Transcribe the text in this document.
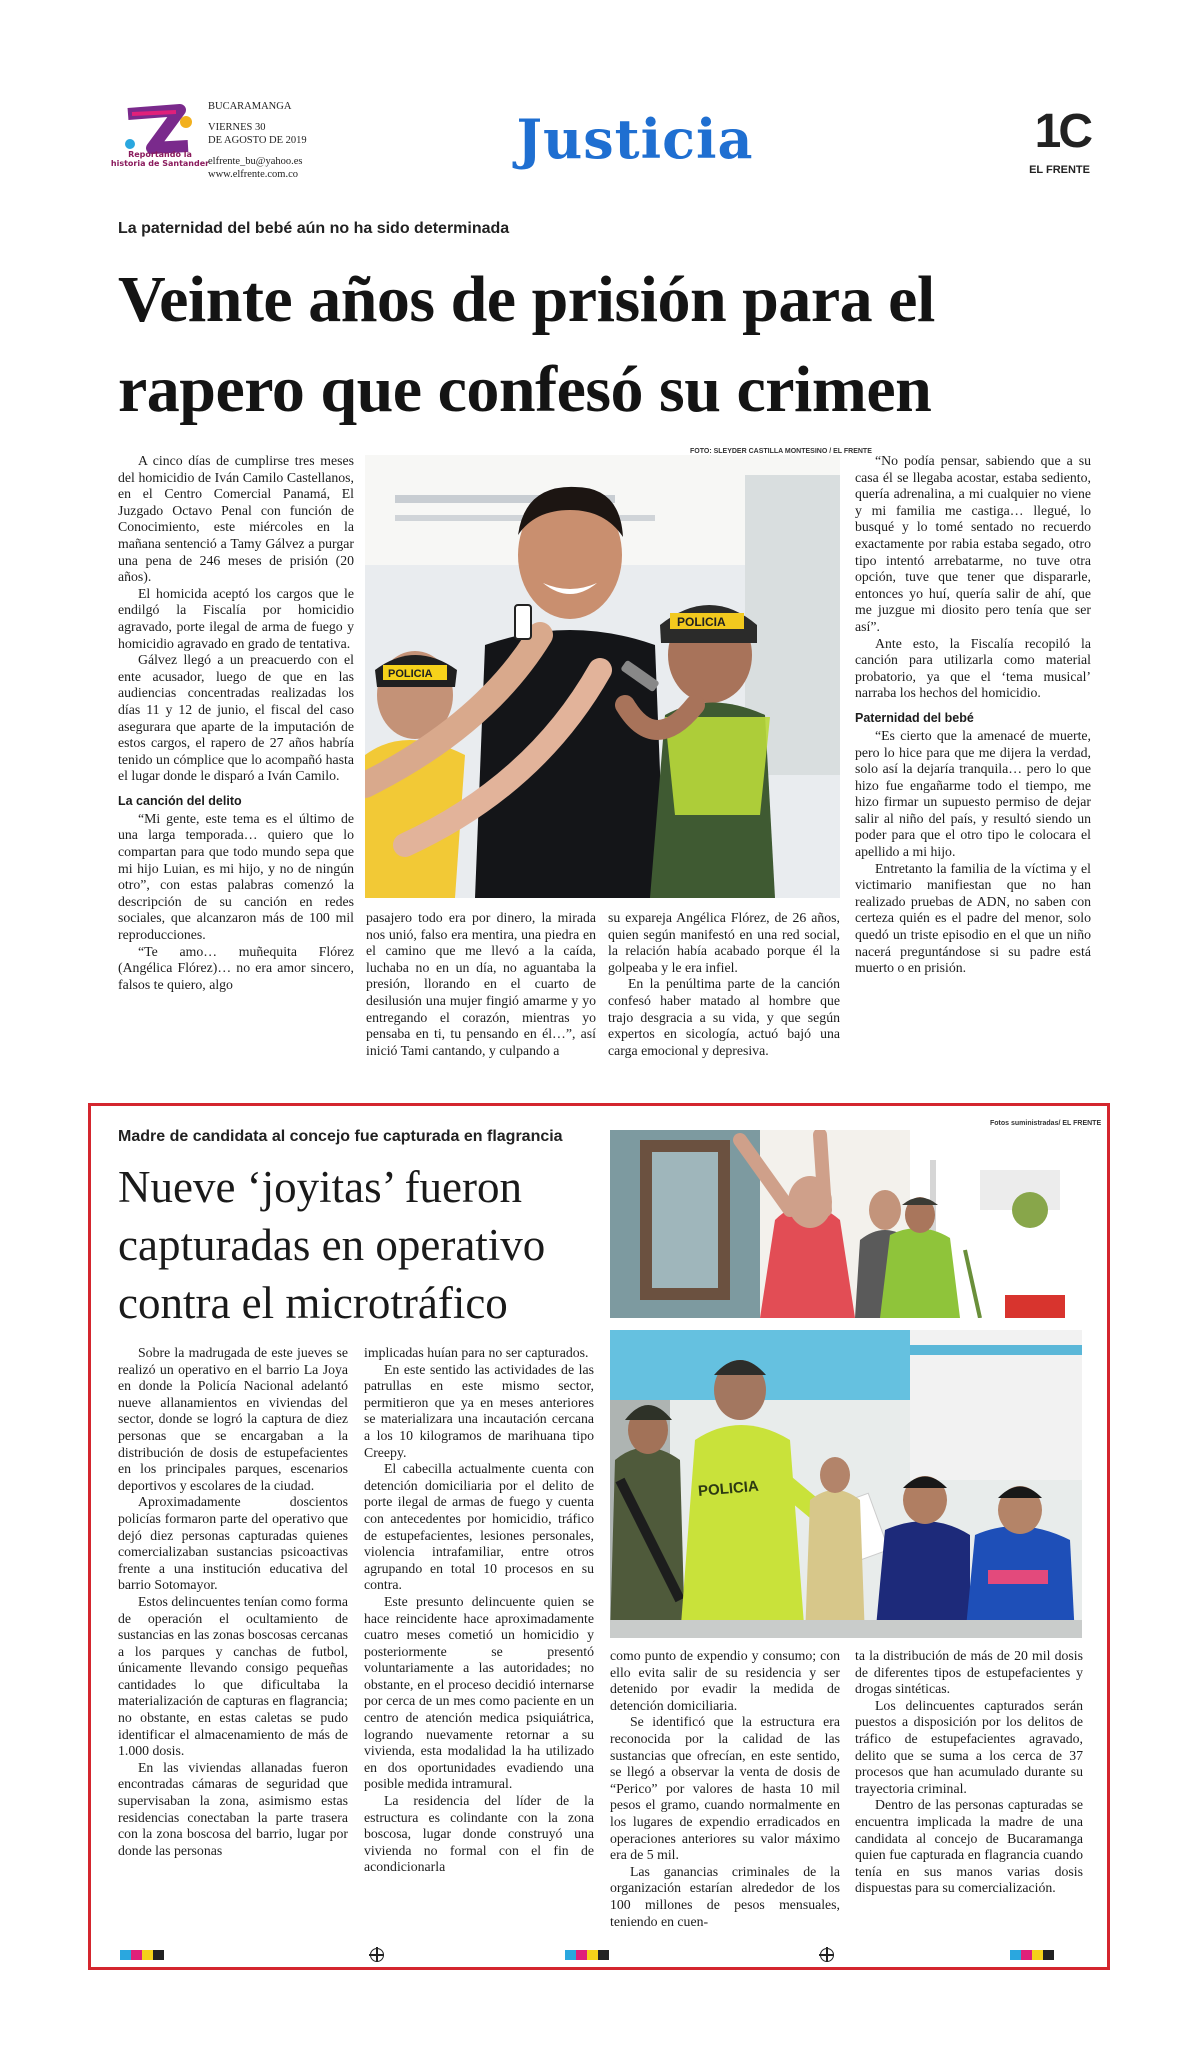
Reportando la historia de Santander
BUCARAMANGA
VIERNES 30
DE AGOSTO DE 2019
elfrente_bu@yahoo.es
www.elfrente.com.co
Justicia	1C
EL FRENTE
La paternidad del bebé aún no ha sido determinada
Veinte años de prisión para el
rapero que confesó su crimen
FOTO: SLEYDER CASTILLA MONTESINO / EL FRENTE
POLICIA
POLICIA

A cinco días de cumplirse tres meses del homicidio de Iván Camilo Castellanos, en el Centro Comercial Panamá, El Juzgado Octavo Penal con función de Conocimiento, este miércoles en la mañana sentenció a Tamy Gálvez a purgar una pena de 246 meses de prisión (20 años).

El homicida aceptó los cargos que le endilgó la Fiscalía por homicidio agravado, porte ilegal de arma de fuego y homicidio agravado en grado de tentativa.

Gálvez llegó a un preacuerdo con el ente acusador, luego de que en las audiencias concentradas realizadas los días 11 y 12 de junio, el fiscal del caso asegurara que aparte de la imputación de estos cargos, el rapero de 27 años habría tenido un cómplice que lo acompañó hasta el lugar donde le disparó a Iván Camilo.

La canción del delito

“Mi gente, este tema es el último de una larga temporada… quiero que lo compartan para que todo mundo sepa que mi hijo Luian, es mi hijo, y no de ningún otro”, con estas palabras comenzó la descripción de su canción en redes sociales, que alcanzaron más de 100 mil reproducciones.

“Te amo… muñequita Flórez (Angélica Flórez)… no era amor sincero, falsos te quiero, algo

pasajero todo era por dinero, la mirada nos unió, falso era mentira, una piedra en el camino que me llevó a la caída, luchaba no en un día, no aguantaba la presión, llorando en el cuarto de desilusión una mujer fingió amarme y yo entregando el corazón, mientras yo pensaba en ti, tu pensando en él…”, así inició Tami cantando, y culpando a

su expareja Angélica Flórez, de 26 años, quien según manifestó en una red social, la relación había acabado porque él la golpeaba y le era infiel.

En la penúltima parte de la canción confesó haber matado al hombre que trajo desgracia a su vida, y que según expertos en sicología, actuó bajó una carga emocional y depresiva.

“No podía pensar, sabiendo que a su casa él se llegaba acostar, estaba sediento, quería adrenalina, a mi cualquier no viene y mi familia me castiga… llegué, lo busqué y lo tomé sentado no recuerdo exactamente por rabia estaba segado, otro tipo intentó arrebatarme, no tuve otra opción, tuve que tener que dispararle, entonces yo huí, quería salir de ahí, que me juzgue mi diosito pero tenía que ser así”.

Ante esto, la Fiscalía recopiló la canción para utilizarla como material probatorio, ya que el ‘tema musical’ narraba los hechos del homicidio.

Paternidad del bebé

“Es cierto que la amenacé de muerte, pero lo hice para que me dijera la verdad, solo así la dejaría tranquila… pero lo que hizo fue engañarme todo el tiempo, me hizo firmar un supuesto permiso de dejar salir al niño del país, y resultó siendo un poder para que el otro tipo le colocara el apellido a mi hijo.

Entretanto la familia de la víctima y el victimario manifiestan que no han realizado pruebas de ADN, no saben con certeza quién es el padre del menor, solo quedó un triste episodio en el que un niño nacerá preguntándose si su padre está muerto o en prisión.

Madre de candidata al concejo fue capturada en flagrancia
Nueve ‘joyitas’ fueron
capturadas en operativo
contra el microtráfico
Fotos suministradas/ EL FRENTE
POLICIA

Sobre la madrugada de este jueves se realizó un operativo en el barrio La Joya en donde la Policía Nacional adelantó nueve allanamientos en viviendas del sector, donde se logró la captura de diez personas que se encargaban a la distribución de dosis de estupefacientes en los principales parques, escenarios deportivos y escolares de la ciudad.

Aproximadamente doscientos policías formaron parte del operativo que dejó diez personas capturadas quienes comercializaban sustancias psicoactivas frente a una institución educativa del barrio Sotomayor.

Estos delincuentes tenían como forma de operación el ocultamiento de sustancias en las zonas boscosas cercanas a los parques y canchas de futbol, únicamente llevando consigo pequeñas cantidades lo que dificultaba la materialización de capturas en flagrancia; no obstante, en estas caletas se pudo identificar el almacenamiento de más de 1.000 dosis.

En las viviendas allanadas fueron encontradas cámaras de seguridad que supervisaban la zona, asimismo estas residencias conectaban la parte trasera con la zona boscosa del barrio, lugar por donde las personas

implicadas huían para no ser capturados.

En este sentido las actividades de las patrullas en este mismo sector, permitieron que ya en meses anteriores se materializara una incautación cercana a los 10 kilogramos de marihuana tipo Creepy.

El cabecilla actualmente cuenta con detención domiciliaria por el delito de porte ilegal de armas de fuego y cuenta con antecedentes por homicidio, tráfico de estupefacientes, lesiones personales, violencia intrafamiliar, entre otros agrupando en total 10 procesos en su contra.

Este presunto delincuente quien se hace reincidente hace aproximadamente cuatro meses cometió un homicidio y posteriormente se presentó voluntariamente a las autoridades; no obstante, en el proceso decidió internarse por cerca de un mes como paciente en un centro de atención medica psiquiátrica, logrando nuevamente retornar a su vivienda, esta modalidad la ha utilizado en dos oportunidades evadiendo una posible medida intramural.

La residencia del líder de la estructura es colindante con la zona boscosa, lugar donde construyó una vivienda no formal con el fin de acondicionarla

como punto de expendio y consumo; con ello evita salir de su residencia y ser detenido por evadir la medida de detención domiciliaria.

Se identificó que la estructura era reconocida por la calidad de las sustancias que ofrecían, en este sentido, se llegó a observar la venta de dosis de “Perico” por valores de hasta 10 mil pesos el gramo, cuando normalmente en los lugares de expendio erradicados en operaciones anteriores su valor máximo era de 5 mil.

Las ganancias criminales de la organización estarían alrededor de los 100 millones de pesos mensuales, teniendo en cuen-

ta la distribución de más de 20 mil dosis de diferentes tipos de estupefacientes y drogas sintéticas.

Los delincuentes capturados serán puestos a disposición por los delitos de tráfico de estupefacientes agravado, delito que se suma a los cerca de 37 procesos que han acumulado durante su trayectoria criminal.

Dentro de las personas capturadas se encuentra implicada la madre de una candidata al concejo de Bucaramanga quien fue capturada en flagrancia cuando tenía en sus manos varias dosis dispuestas para su comercialización.
